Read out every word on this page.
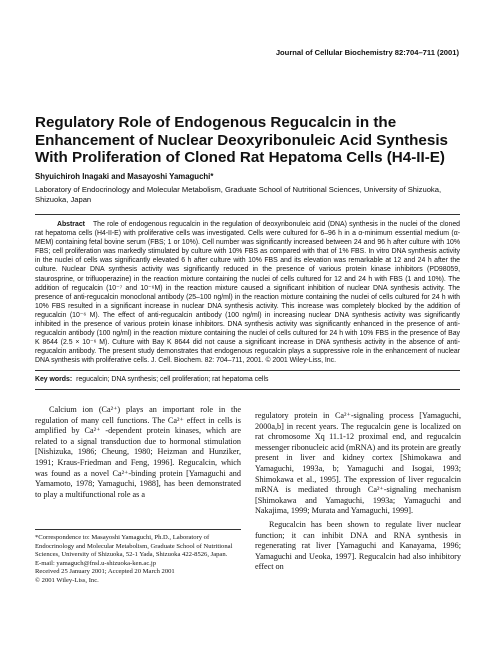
Journal of Cellular Biochemistry 82:704–711 (2001)
Regulatory Role of Endogenous Regucalcin in the Enhancement of Nuclear Deoxyribonuleic Acid Synthesis With Proliferation of Cloned Rat Hepatoma Cells (H4-II-E)
Shyuichiroh Inagaki and Masayoshi Yamaguchi*
Laboratory of Endocrinology and Molecular Metabolism, Graduate School of Nutritional Sciences, University of Shizuoka, Shizuoka, Japan
Abstract The role of endogenous regucalcin in the regulation of deoxyribonuleic acid (DNA) synthesis in the nuclei of the cloned rat hepatoma cells (H4-II-E) with proliferative cells was investigated. Cells were cultured for 6–96 h in a α-minimum essential medium (α-MEM) containing fetal bovine serum (FBS; 1 or 10%). Cell number was significantly increased between 24 and 96 h after culture with 10% FBS; cell proliferation was markedly stimulated by culture with 10% FBS as compared with that of 1% FBS. In vitro DNA synthesis activity in the nuclei of cells was significantly elevated 6 h after culture with 10% FBS and its elevation was remarkable at 12 and 24 h after the culture. Nuclear DNA synthesis activity was significantly reduced in the presence of various protein kinase inhibitors (PD98059, staurosprine, or trifluoperazine) in the reaction mixture containing the nuclei of cells cultured for 12 and 24 h with FBS (1 and 10%). The addition of regucalcin (10⁻⁷ and 10⁻⁶M) in the reaction mixture caused a significant inhibition of nuclear DNA synthesis activity. The presence of anti-regucalcin monoclonal antibody (25–100 ng/ml) in the reaction mixture containing the nuclei of cells cultured for 24 h with 10% FBS resulted in a significant increase in nuclear DNA synthesis activity. This increase was completely blocked by the addition of regucalcin (10⁻⁶ M). The effect of anti-regucalcin antibody (100 ng/ml) in increasing nuclear DNA synthesis activity was significantly inhibited in the presence of various protein kinase inhibitors. DNA synthesis activity was significantly enhanced in the presence of anti-regucalcin antibody (100 ng/ml) in the reaction mixture containing the nuclei of cells cultured for 24 h with 10% FBS in the presence of Bay K 8644 (2.5 × 10⁻⁶ M). Culture with Bay K 8644 did not cause a significant increase in DNA synthesis activity in the absence of anti-regucalcin antibody. The present study demonstrates that endogenous regucalcin plays a suppressive role in the enhancement of nuclear DNA synthesis with proliferative cells. J. Cell. Biochem. 82: 704–711, 2001. © 2001 Wiley-Liss, Inc.
Key words: regucalcin; DNA synthesis; cell proliferation; rat hepatoma cells

Calcium ion (Ca²⁺) plays an important role in the regulation of many cell functions. The Ca²⁺ effect in cells is amplified by Ca²⁺ -dependent protein kinases, which are related to a signal transduction due to hormonal stimulation [Nishizuka, 1986; Cheung, 1980; Heizman and Hunziker, 1991; Kraus-Friedman and Feng, 1996]. Regucalcin, which was found as a novel Ca²⁺-binding protein [Yamaguchi and Yamamoto, 1978; Yamaguchi, 1988], has been demonstrated to play a multifunctional role as a

regulatory protein in Ca²⁺-signaling process [Yamaguchi, 2000a,b] in recent years. The regucalcin gene is localized on rat chromosome Xq 11.1-12 proximal end, and regucalcin messenger ribonucleic acid (mRNA) and its protein are greatly present in liver and kidney cortex [Shimokawa and Yamaguchi, 1993a, b; Yamaguchi and Isogai, 1993; Shimokawa et al., 1995]. The expression of liver regucalcin mRNA is mediated through Ca²⁺-signaling mechanism [Shimokawa and Yamaguchi, 1993a; Yamaguchi and Nakajima, 1999; Murata and Yamaguchi, 1999].

Regucalcin has been shown to regulate liver nuclear function; it can inhibit DNA and RNA synthesis in regenerating rat liver [Yamaguchi and Kanayama, 1996; Yamaguchi and Ueoka, 1997]. Regucalcin had also inhibitory effect on

*Correspondence to: Masayoshi Yamaguchi, Ph.D., Laboratory of Endocrinology and Molecular Metabolism, Graduate School of Nutritional Sciences, University of Shizuoka, 52-1 Yada, Shizuoka 422-8526, Japan.
E-mail: yamaguch@fnsl.u-shizuoka-ken.ac.jp
Received 25 January 2001; Accepted 20 March 2001
© 2001 Wiley-Liss, Inc.
